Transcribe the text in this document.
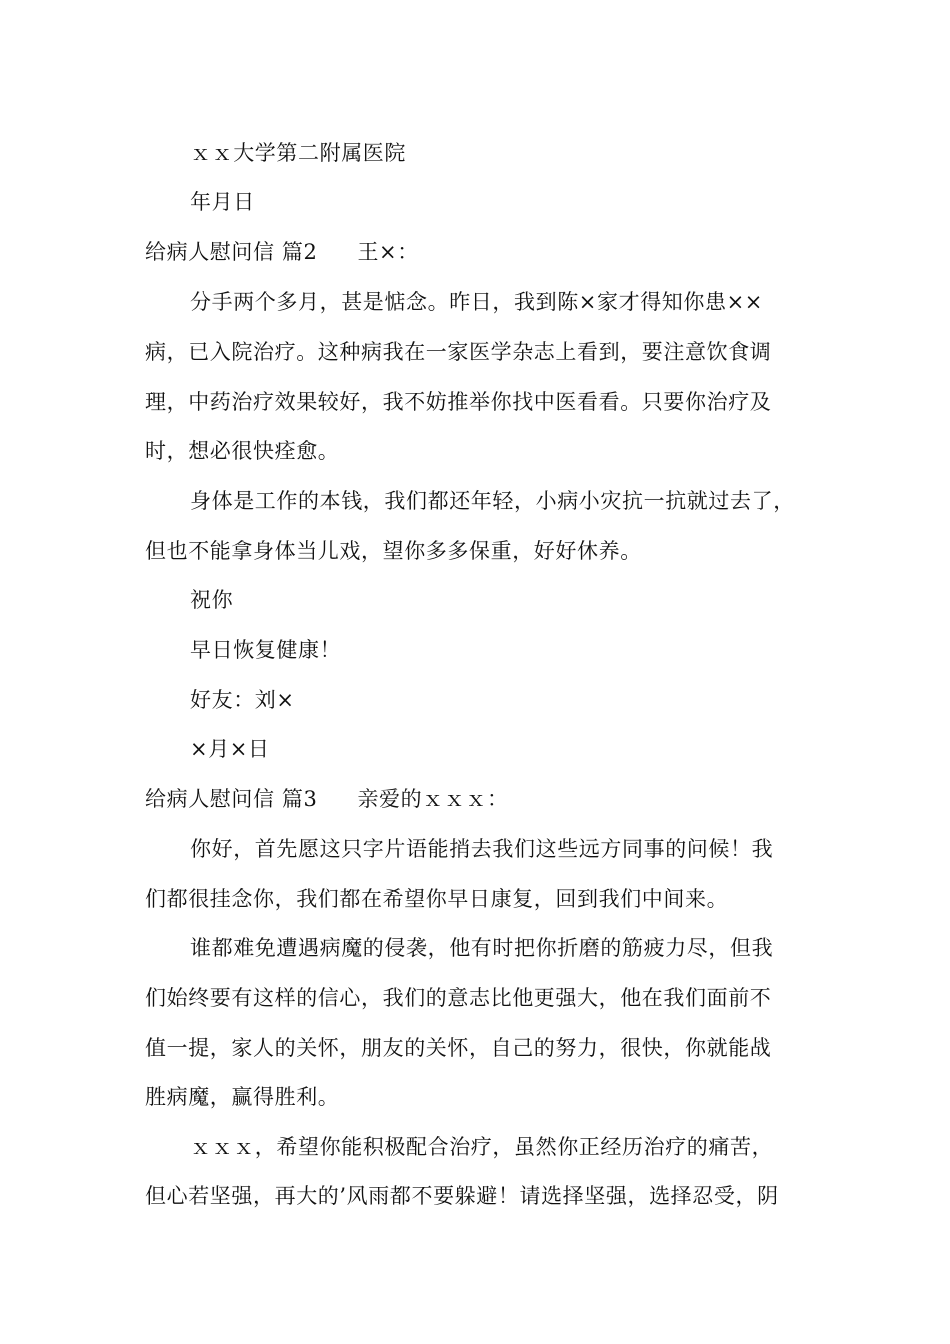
ｘｘ大学第二附属医院
年月日
给病人慰问信 篇2 王×：
分手两个多月，甚是惦念。昨日，我到陈×家才得知你患××
病，已入院治疗。这种病我在一家医学杂志上看到，要注意饮食调
理，中药治疗效果较好，我不妨推举你找中医看看。只要你治疗及
时，想必很快痊愈。
身体是工作的本钱，我们都还年轻，小病小灾抗一抗就过去了，
但也不能拿身体当儿戏，望你多多保重，好好休养。
祝你
早日恢复健康！
好友：刘×
×月×日
给病人慰问信 篇3 亲爱的ｘｘｘ：
你好，首先愿这只字片语能捎去我们这些远方同事的问候！我
们都很挂念你，我们都在希望你早日康复，回到我们中间来。
谁都难免遭遇病魔的侵袭，他有时把你折磨的筋疲力尽，但我
们始终要有这样的信心，我们的意志比他更强大，他在我们面前不
值一提，家人的关怀，朋友的关怀，自己的努力，很快，你就能战
胜病魔，赢得胜利。
ｘｘｘ，希望你能积极配合治疗，虽然你正经历治疗的痛苦，
但心若坚强，再大的’风雨都不要躲避！请选择坚强，选择忍受，阴
